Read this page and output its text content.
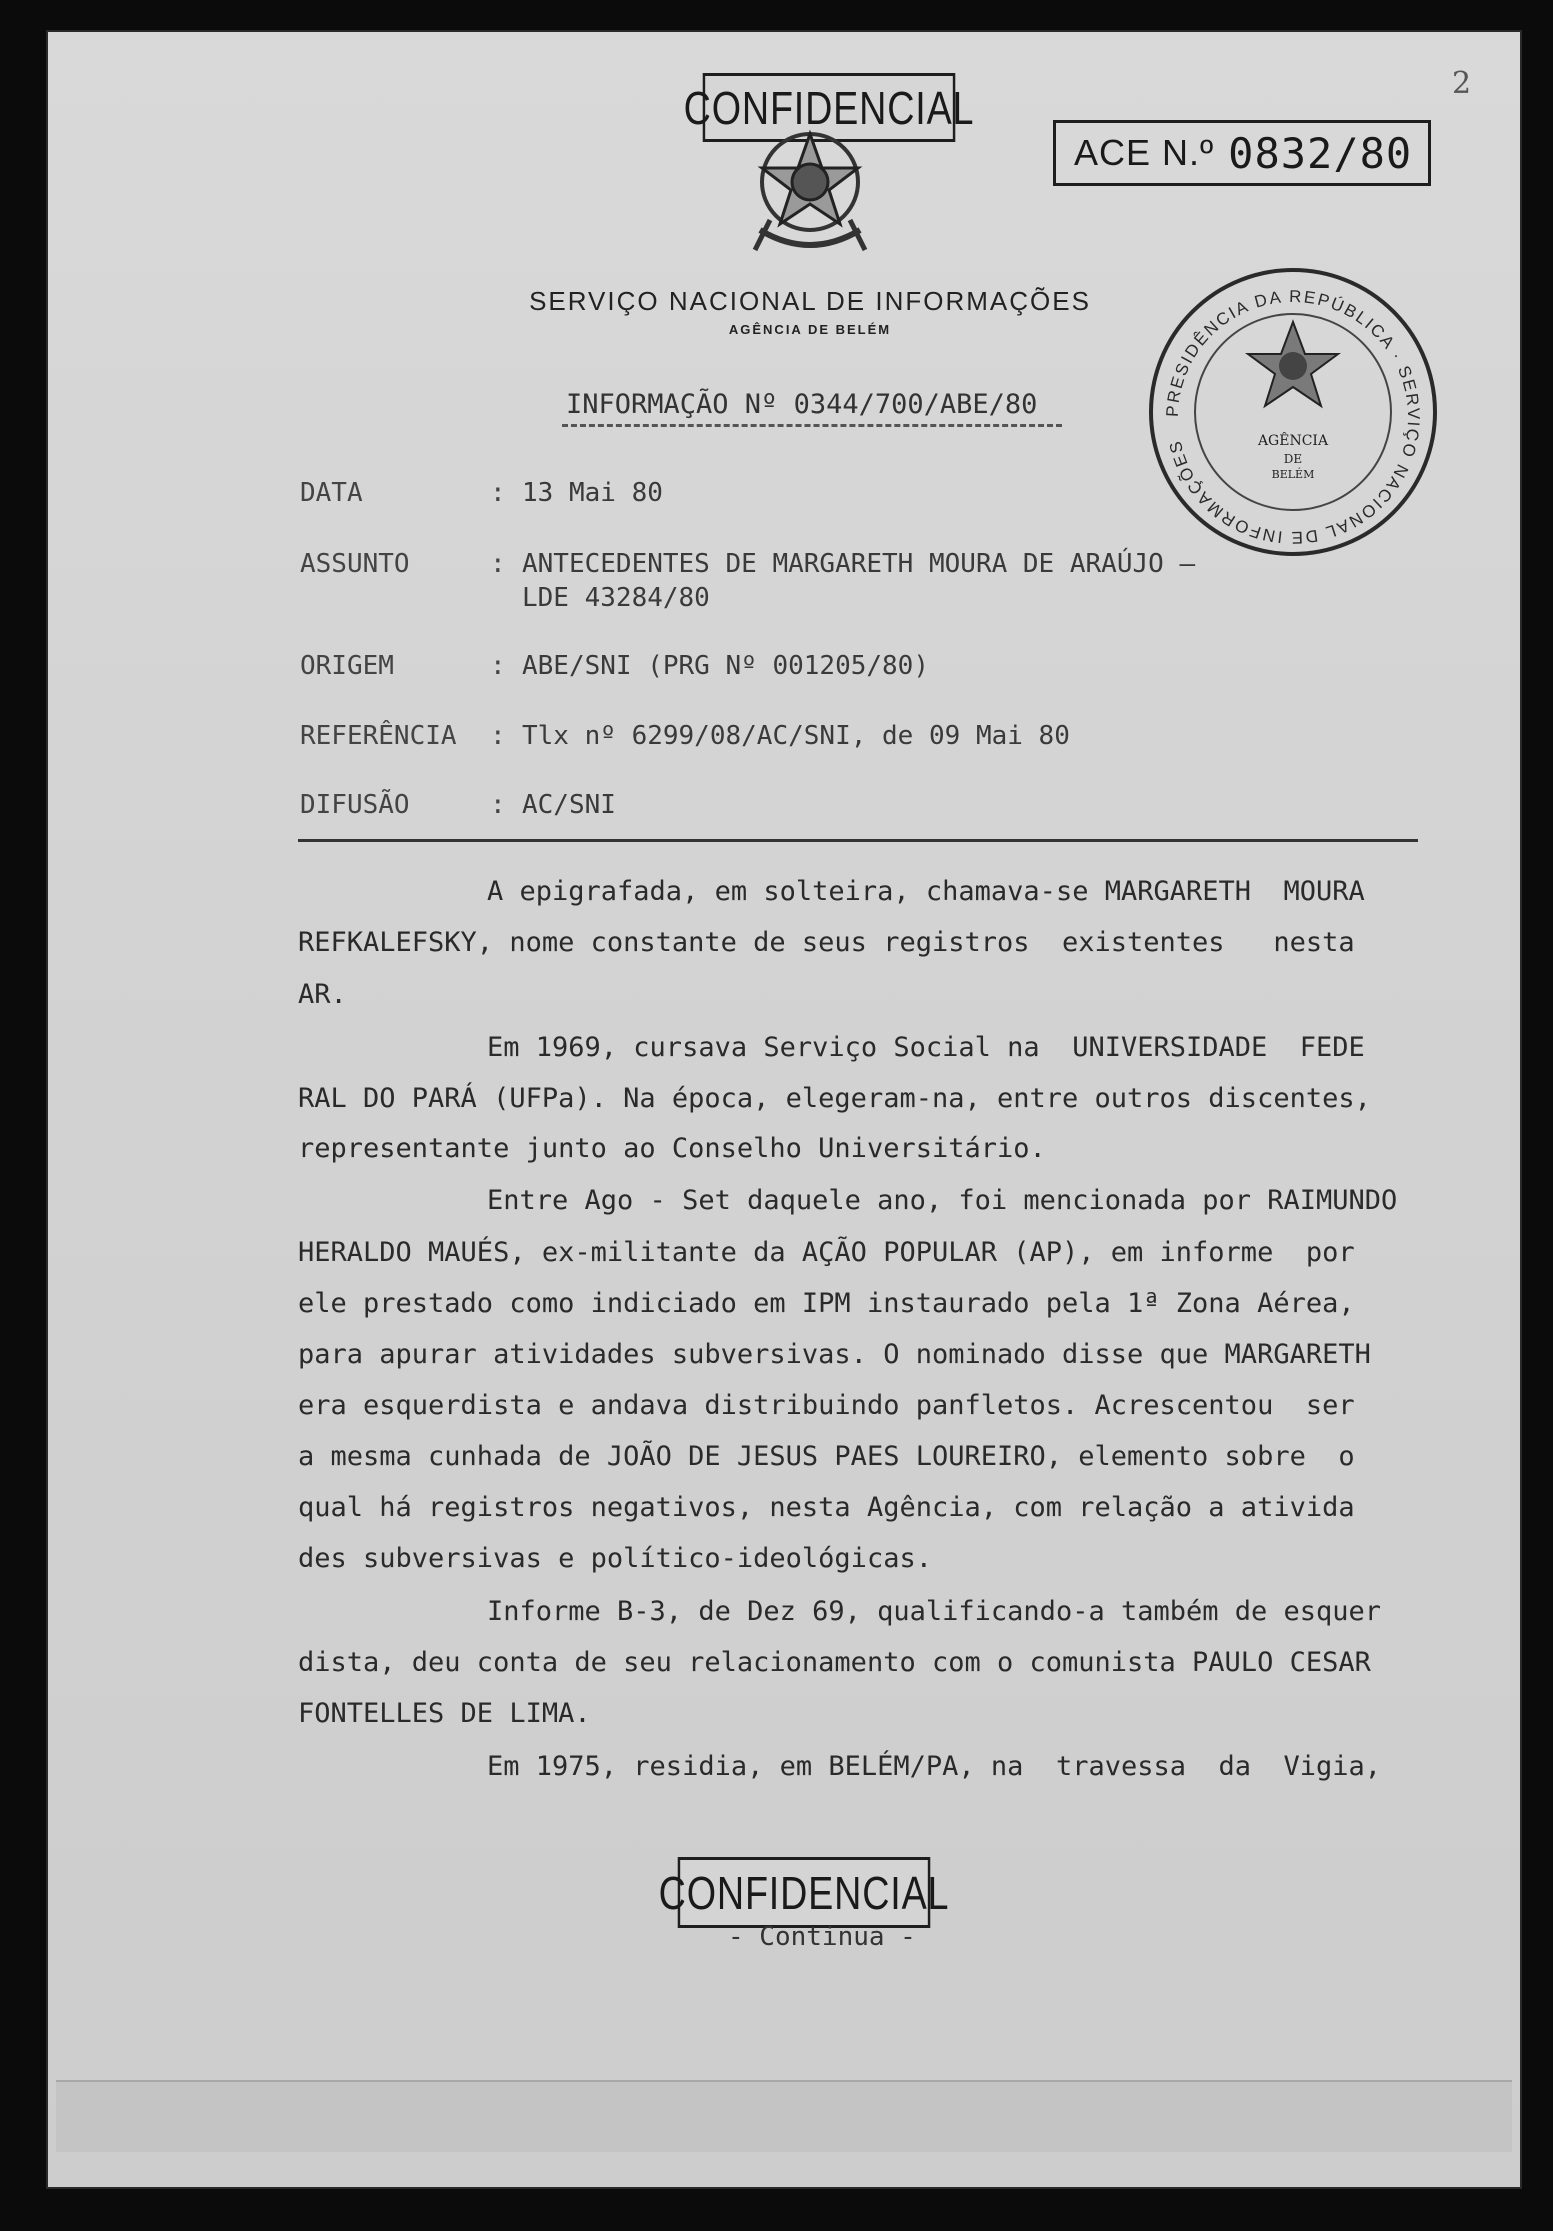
2
CONFIDENCIAL
ACE N.º 0832/80
SERVIÇO NACIONAL DE INFORMAÇÕES
AGÊNCIA DE BELÉM
PRESIDÊNCIA DA REPÚBLICA · SERVIÇO NACIONAL DE INFORMAÇÕES	AGÊNCIA
DE
BELÉM
INFORMAÇÃO Nº 0344/700/ABE/80
DATA	: 13 Mai 80
ASSUNTO	: ANTECEDENTES DE MARGARETH MOURA DE ARAÚJO —
LDE 43284/80
ORIGEM	: ABE/SNI (PRG Nº 001205/80)
REFERÊNCIA : Tlx nº 6299/08/AC/SNI, de 09 Mai 80
DIFUSÃO	: AC/SNI
A epigrafada, em solteira, chamava-se MARGARETH  MOURA
REFKALEFSKY, nome constante de seus registros  existentes   nesta
AR.
Em 1969, cursava Serviço Social na  UNIVERSIDADE  FEDE
RAL DO PARÁ (UFPa). Na época, elegeram-na, entre outros discentes,
representante junto ao Conselho Universitário.
Entre Ago - Set daquele ano, foi mencionada por RAIMUNDO
HERALDO MAUÉS, ex-militante da AÇÃO POPULAR (AP), em informe  por
ele prestado como indiciado em IPM instaurado pela 1ª Zona Aérea,
para apurar atividades subversivas. O nominado disse que MARGARETH
era esquerdista e andava distribuindo panfletos. Acrescentou  ser
a mesma cunhada de JOÃO DE JESUS PAES LOUREIRO, elemento sobre  o
qual há registros negativos, nesta Agência, com relação a ativida
des subversivas e político-ideológicas.
Informe B-3, de Dez 69, qualificando-a também de esquer
dista, deu conta de seu relacionamento com o comunista PAULO CESAR
FONTELLES DE LIMA.
Em 1975, residia, em BELÉM/PA, na  travessa  da  Vigia,
CONFIDENCIAL
- Continua -
